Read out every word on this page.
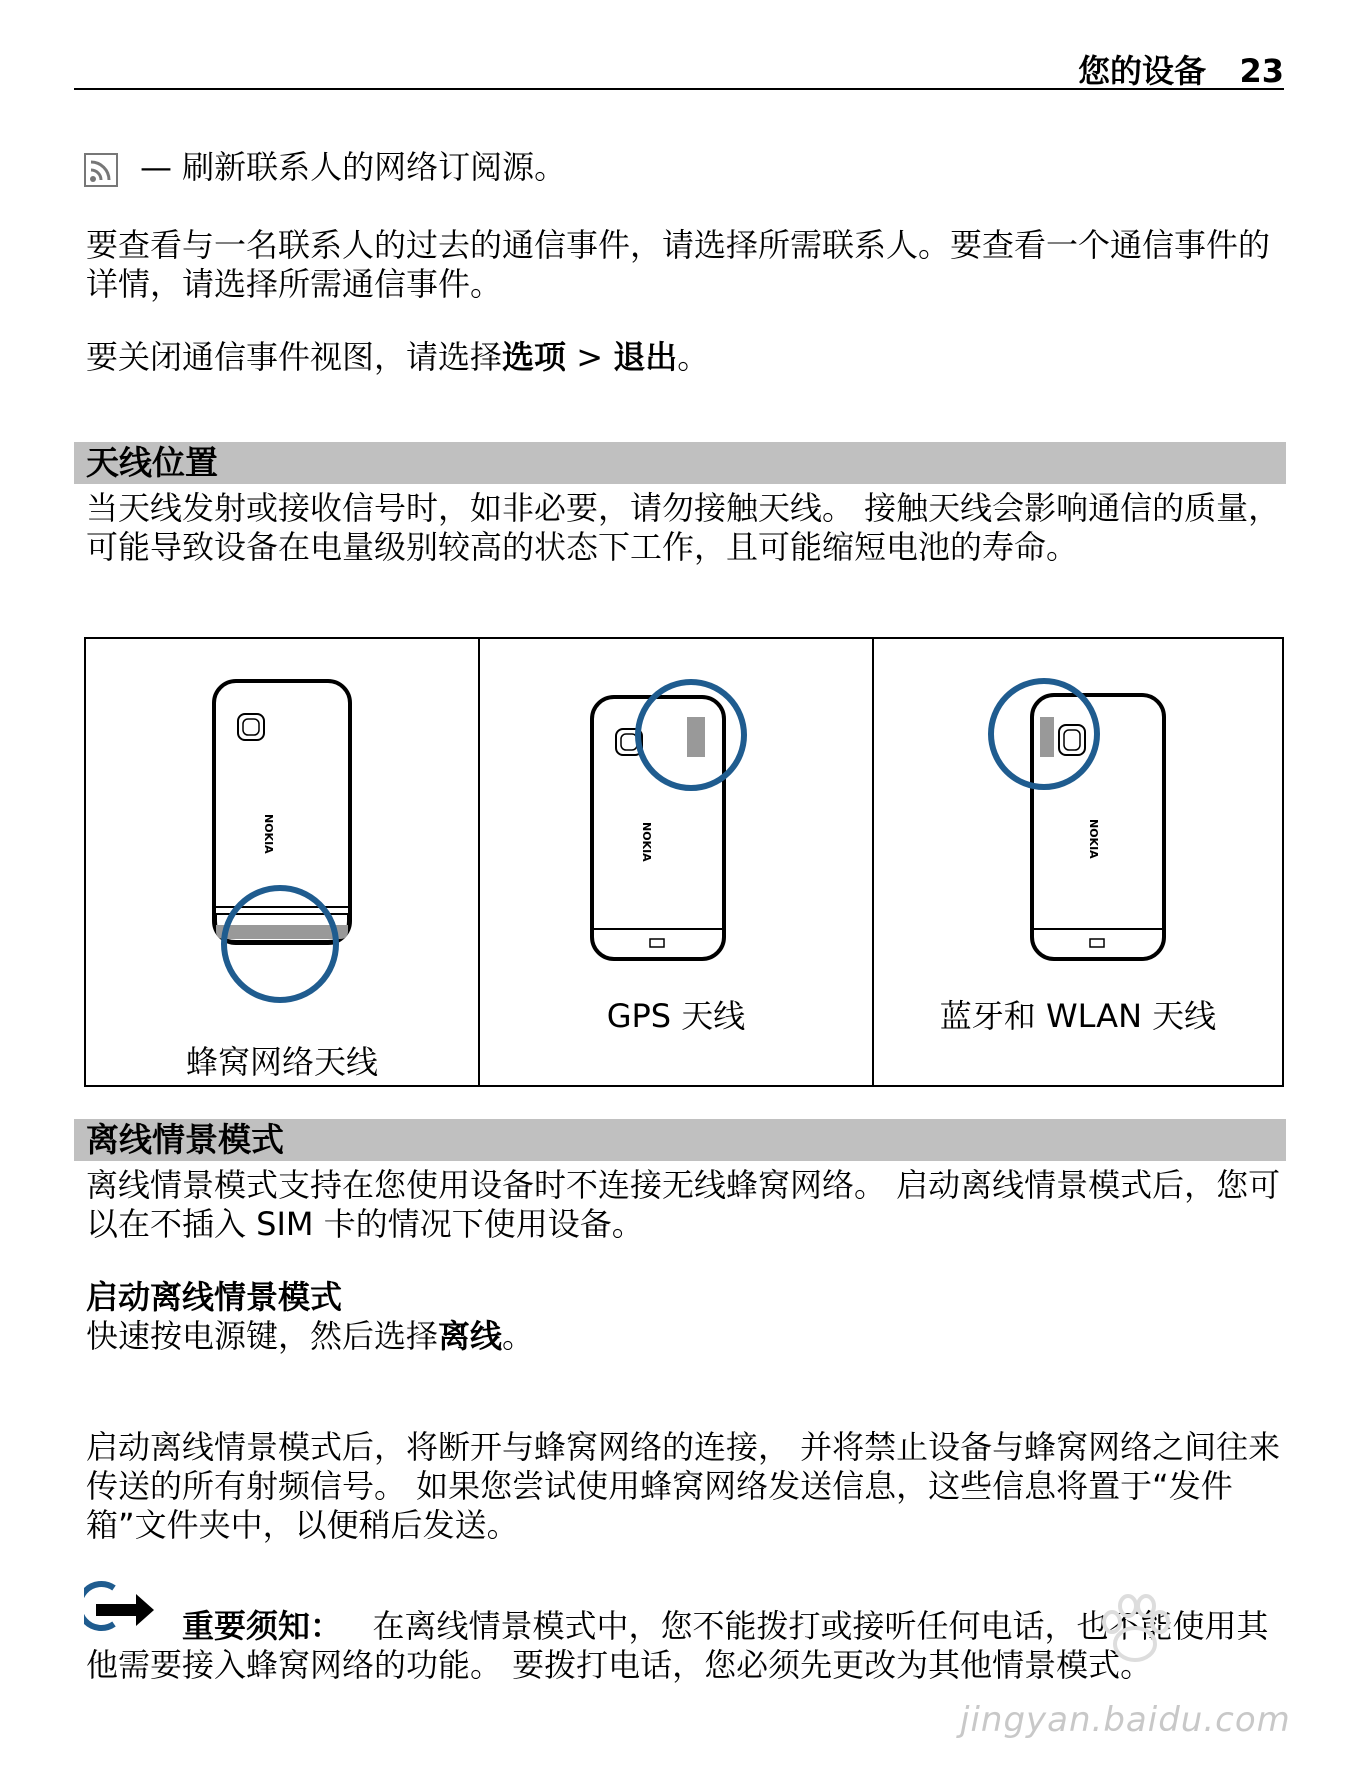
您的设备 23
— 刷新联系人的网络订阅源。
要查看与一名联系人的过去的通信事件，请选择所需联系人。要查看一个通信事件的详情，请选择所需通信事件。
要关闭通信事件视图，请选择选项 > 退出。
天线位置
当天线发射或接收信号时，如非必要，请勿接触天线。 接触天线会影响通信的质量，可能导致设备在电量级别较高的状态下工作，且可能缩短电池的寿命。
NOKIA
蜂窝网络天线
NOKIA
GPS 天线
NOKIA
蓝牙和 WLAN 天线
离线情景模式
离线情景模式支持在您使用设备时不连接无线蜂窝网络。 启动离线情景模式后，您可以在不插入 SIM 卡的情况下使用设备。
启动离线情景模式
快速按电源键，然后选择离线。
启动离线情景模式后，将断开与蜂窝网络的连接， 并将禁止设备与蜂窝网络之间往来传送的所有射频信号。 如果您尝试使用蜂窝网络发送信息，这些信息将置于“发件箱”文件夹中，以便稍后发送。
重要须知： 在离线情景模式中，您不能拨打或接听任何电话，也不能使用其他需要接入蜂窝网络的功能。 要拨打电话，您必须先更改为其他情景模式。
jingyan.baidu.com
